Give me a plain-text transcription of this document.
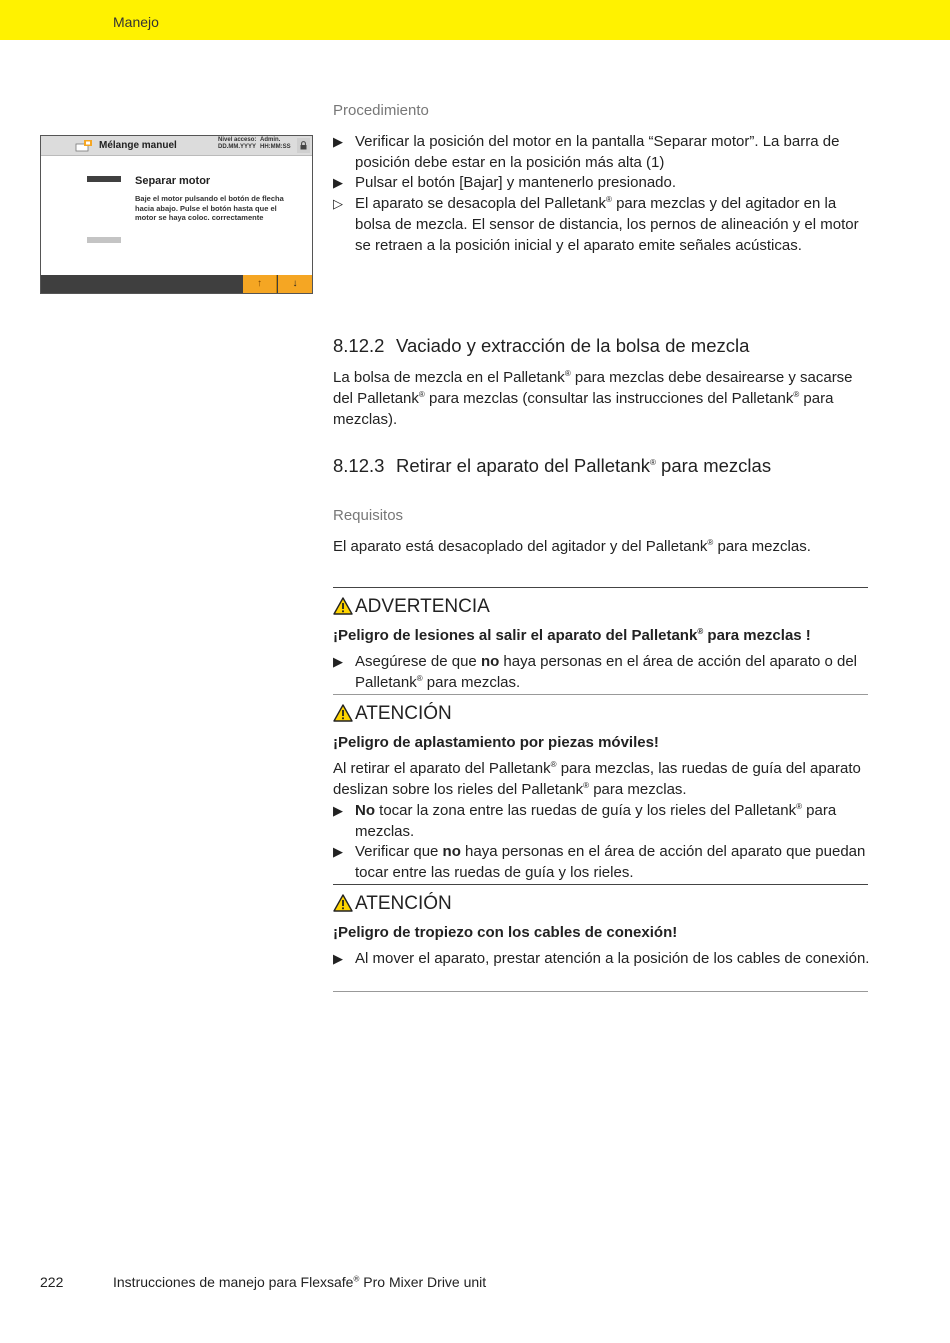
Manejo
Mélange manuel	Nivel acceso:
DD.MM.YYYY
Admin.
HH:MM:SS
Separar motor
Baje el motor pulsando el botón de flecha hacia abajo. Pulse el botón hasta que el motor se haya coloc. correctamente
↑	↓
Procedimiento
▶ Verificar la posición del motor en la pantalla “Separar motor”. La barra de posición debe estar en la posición más alta (1)
▶ Pulsar el botón [Bajar] y mantenerlo presionado.
▷ El aparato se desacopla del Palletank® para mezclas y del agitador en la bolsa de mezcla. El sensor de distancia, los pernos de alineación y el motor se retraen a la posición inicial y el aparato emite señales acústicas.
8.12.2 Vaciado y extracción de la bolsa de mezcla
La bolsa de mezcla en el Palletank® para mezclas debe desairearse y sacarse del Palletank® para mezclas (consultar las instrucciones del Palletank® para mezclas).
8.12.3 Retirar el aparato del Palletank® para mezclas
Requisitos
El aparato está desacoplado del agitador y del Palletank® para mezclas.
ADVERTENCIA
¡Peligro de lesiones al salir el aparato del Palletank® para mezclas !
▶ Asegúrese de que no haya personas en el área de acción del aparato o del Palletank® para mezclas.
ATENCIÓN
¡Peligro de aplastamiento por piezas móviles!
Al retirar el aparato del Palletank® para mezclas, las ruedas de guía del aparato deslizan sobre los rieles del Palletank® para mezclas.
▶ No tocar la zona entre las ruedas de guía y los rieles del Palletank® para mezclas.
▶ Verificar que no haya personas en el área de acción del aparato que puedan tocar entre las ruedas de guía y los rieles.
ATENCIÓN
¡Peligro de tropiezo con los cables de conexión!
▶ Al mover el aparato, prestar atención a la posición de los cables de conexión.
222	Instrucciones de manejo para Flexsafe® Pro Mixer Drive unit
